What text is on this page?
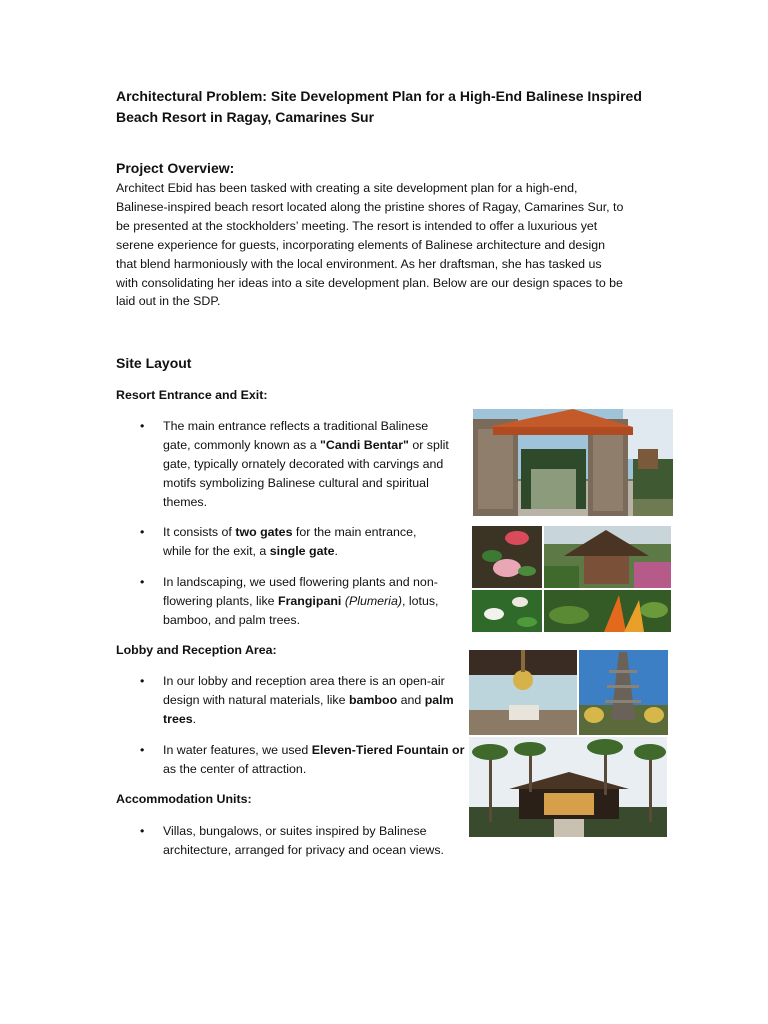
Architectural Problem: Site Development Plan for a High-End Balinese Inspired
Beach Resort in Ragay, Camarines Sur
Project Overview:

Architect Ebid has been tasked with creating a site development plan for a high-end,
Balinese-inspired beach resort located along the pristine shores of Ragay, Camarines Sur, to
be presented at the stockholders’ meeting. The resort is intended to offer a luxurious yet
serene experience for guests, incorporating elements of Balinese architecture and design
that blend harmoniously with the local environment. As her draftsman, she has tasked us
with consolidating her ideas into a site development plan. Below are our design spaces to be
laid out in the SDP.

Site Layout
Resort Entrance and Exit:
•	The main entrance reflects a traditional Balinese
gate, commonly known as a "Candi Bentar" or split
gate, typically ornately decorated with carvings and
motifs symbolizing Balinese cultural and spiritual
themes.
•	It consists of two gates for the main entrance,
while for the exit, a single gate.
•	In landscaping, we used flowering plants and non-
flowering plants, like Frangipani (Plumeria), lotus,
bamboo, and palm trees.
Lobby and Reception Area:
•	In our lobby and reception area there is an open-air
design with natural materials, like bamboo and palm
trees.
•	In water features, we used Eleven-Tiered Fountain or
as the center of attraction.
Accommodation Units:
•	Villas, bungalows, or suites inspired by Balinese
architecture, arranged for privacy and ocean views.
